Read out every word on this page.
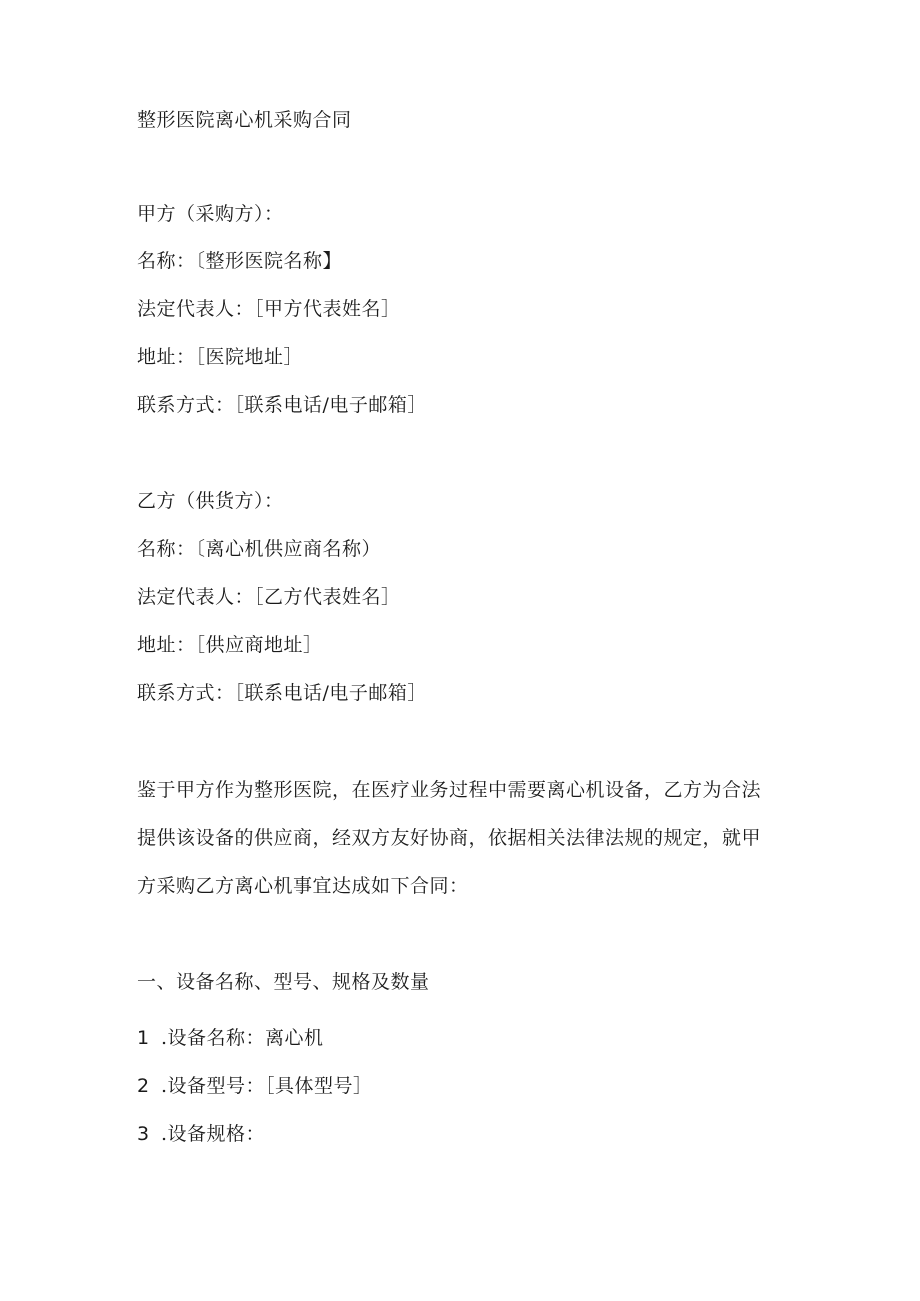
整形医院离心机采购合同
甲方（采购方）：
名称：〔整形医院名称】
法定代表人：［甲方代表姓名］
地址：［医院地址］
联系方式：［联系电话/电子邮箱］
乙方（供货方）：
名称：〔离心机供应商名称）
法定代表人：［乙方代表姓名］
地址：［供应商地址］
联系方式：［联系电话/电子邮箱］
鉴于甲方作为整形医院，在医疗业务过程中需要离心机设备，乙方为合法提供该设备的供应商，经双方友好协商，依据相关法律法规的规定，就甲方采购乙方离心机事宜达成如下合同：
一、设备名称、型号、规格及数量
1 .设备名称：离心机
2 .设备型号：［具体型号］
3 .设备规格：
